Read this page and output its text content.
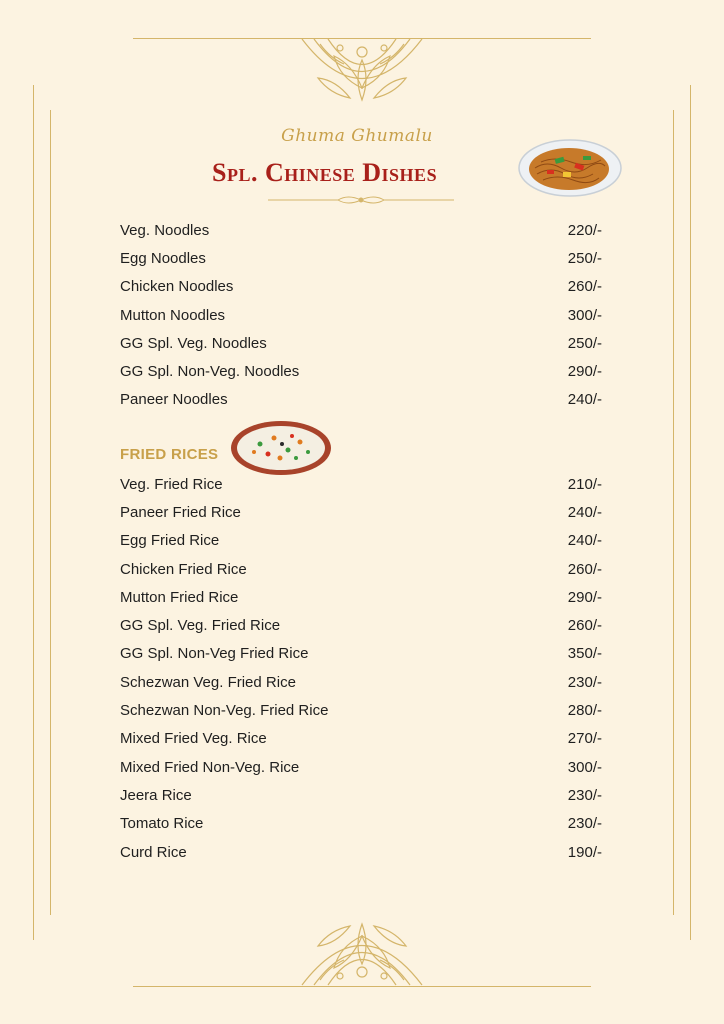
Ghuma Ghumalu
Spl. Chinese Dishes
Veg. Noodles	220/-
Egg Noodles	250/-
Chicken Noodles	260/-
Mutton Noodles	300/-
GG Spl. Veg. Noodles	250/-
GG Spl. Non-Veg. Noodles	290/-
Paneer Noodles	240/-
FRIED RICES
Veg. Fried Rice	210/-
Paneer Fried Rice	240/-
Egg Fried Rice	240/-
Chicken Fried Rice	260/-
Mutton Fried Rice	290/-
GG Spl. Veg. Fried Rice	260/-
GG Spl. Non-Veg Fried Rice	350/-
Schezwan Veg. Fried Rice	230/-
Schezwan Non-Veg. Fried Rice	280/-
Mixed Fried Veg. Rice	270/-
Mixed Fried Non-Veg. Rice	300/-
Jeera Rice	230/-
Tomato Rice	230/-
Curd Rice	190/-
